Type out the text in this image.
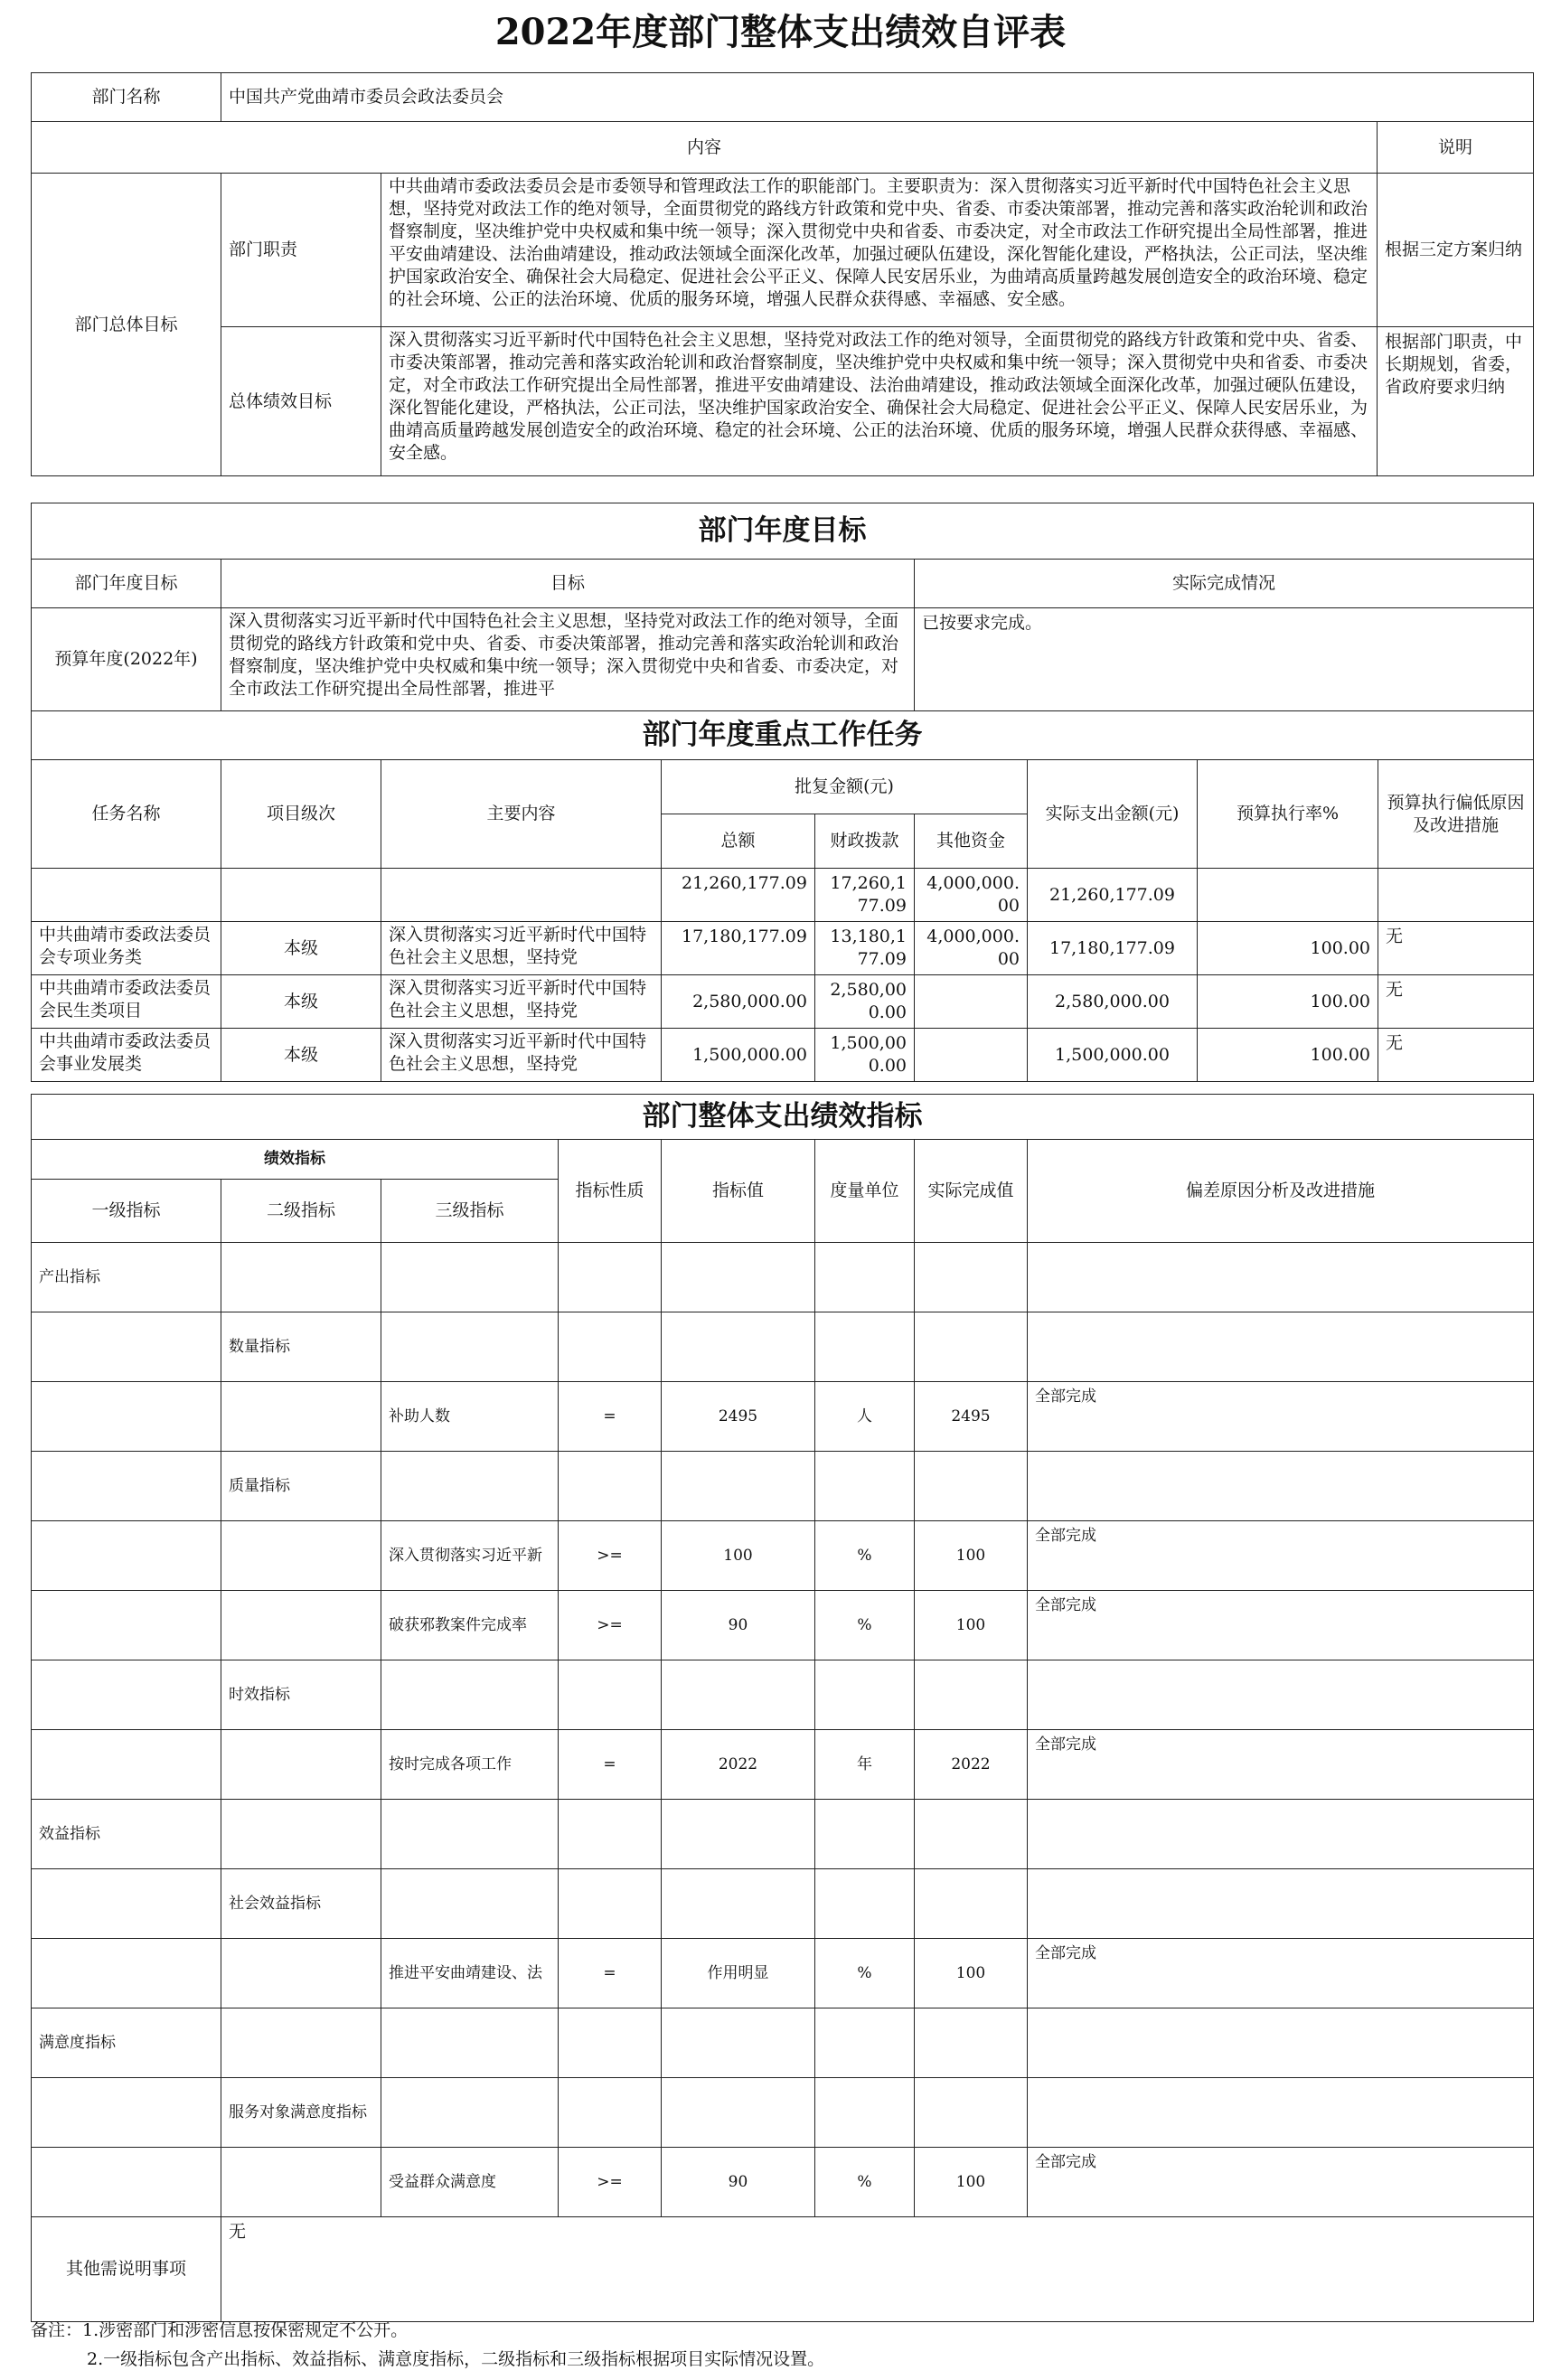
2022年度部门整体支出绩效自评表
部门名称	中国共产党曲靖市委员会政法委员会		
内容			说明
部门总体目标	部门职责	中共曲靖市委政法委员会是市委领导和管理政法工作的职能部门。主要职责为：深入贯彻落实习近平新时代中国特色社会主义思想，坚持党对政法工作的绝对领导，全面贯彻党的路线方针政策和党中央、省委、市委决策部署，推动完善和落实政治轮训和政治督察制度，坚决维护党中央权威和集中统一领导；深入贯彻党中央和省委、市委决定，对全市政法工作研究提出全局性部署，推进平安曲靖建设、法治曲靖建设，推动政法领域全面深化改革，加强过硬队伍建设，深化智能化建设，严格执法，公正司法，坚决维护国家政治安全、确保社会大局稳定、促进社会公平正义、保障人民安居乐业，为曲靖高质量跨越发展创造安全的政治环境、稳定的社会环境、公正的法治环境、优质的服务环境，增强人民群众获得感、幸福感、安全感。	根据三定方案归纳
	总体绩效目标	深入贯彻落实习近平新时代中国特色社会主义思想，坚持党对政法工作的绝对领导，全面贯彻党的路线方针政策和党中央、省委、市委决策部署，推动完善和落实政治轮训和政治督察制度，坚决维护党中央权威和集中统一领导；深入贯彻党中央和省委、市委决定，对全市政法工作研究提出全局性部署，推进平安曲靖建设、法治曲靖建设，推动政法领域全面深化改革，加强过硬队伍建设，深化智能化建设，严格执法，公正司法，坚决维护国家政治安全、确保社会大局稳定、促进社会公平正义、保障人民安居乐业，为曲靖高质量跨越发展创造安全的政治环境、稳定的社会环境、公正的法治环境、优质的服务环境，增强人民群众获得感、幸福感、安全感。	根据部门职责，中长期规划，省委，省政府要求归纳
部门年度目标								
部门年度目标	目标				实际完成情况			
预算年度(2022年)	深入贯彻落实习近平新时代中国特色社会主义思想，坚持党对政法工作的绝对领导，全面贯彻党的路线方针政策和党中央、省委、市委决策部署，推动完善和落实政治轮训和政治督察制度，坚决维护党中央权威和集中统一领导；深入贯彻党中央和省委、市委决定，对全市政法工作研究提出全局性部署，推进平				已按要求完成。			
部门年度重点工作任务								
任务名称	项目级次	主要内容	批复金额(元)			实际支出金额(元)	预算执行率%	预算执行偏低原因及改进措施
			总额	财政拨款	其他资金			
			21,260,177.09	17,260,177.09	4,000,000.00	21,260,177.09		

中共曲靖市委政法委员会专项业务类	本级	深入贯彻落实习近平新时代中国特色社会主义思想，坚持党	17,180,177.09	13,180,177.09	4,000,000.00	17,180,177.09	100.00	无

中共曲靖市委政法委员会民生类项目	本级	深入贯彻落实习近平新时代中国特色社会主义思想，坚持党	2,580,000.00	2,580,000.00		2,580,000.00	100.00	无

中共曲靖市委政法委员会事业发展类	本级	深入贯彻落实习近平新时代中国特色社会主义思想，坚持党	1,500,000.00	1,500,000.00		1,500,000.00	100.00	无
部门整体支出绩效指标							
绩效指标			指标性质	指标值	度量单位	实际完成值	偏差原因分析及改进措施
一级指标	二级指标	三级指标					
产出指标							
	数量指标						
		补助人数	=	2495	人	2495	全部完成
	质量指标						
		深入贯彻落实习近平新	>=	100	%	100	全部完成
		破获邪教案件完成率	>=	90	%	100	全部完成
	时效指标						
		按时完成各项工作	=	2022	年	2022	全部完成
效益指标							
	社会效益指标						
		推进平安曲靖建设、法	=	作用明显	%	100	全部完成
满意度指标							
	服务对象满意度指标						
		受益群众满意度	>=	90	%	100	全部完成
其他需说明事项	无						
备注：1.涉密部门和涉密信息按保密规定不公开。
2.一级指标包含产出指标、效益指标、满意度指标，二级指标和三级指标根据项目实际情况设置。
